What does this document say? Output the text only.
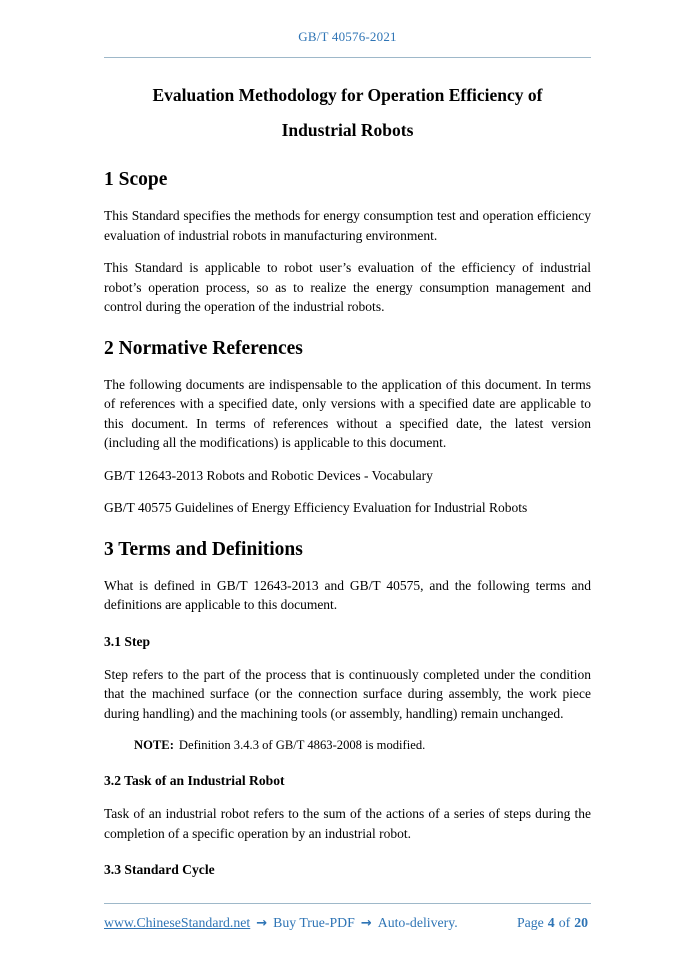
GB/T 40576-2021
Evaluation Methodology for Operation Efficiency of
Industrial Robots
1 Scope

This Standard specifies the methods for energy consumption test and operation efficiency evaluation of industrial robots in manufacturing environment.

This Standard is applicable to robot user’s evaluation of the efficiency of industrial robot’s operation process, so as to realize the energy consumption management and control during the operation of the industrial robots.

2 Normative References

The following documents are indispensable to the application of this document. In terms of references with a specified date, only versions with a specified date are applicable to this document. In terms of references without a specified date, the latest version (including all the modifications) is applicable to this document.

GB/T 12643-2013 Robots and Robotic Devices - Vocabulary

GB/T 40575 Guidelines of Energy Efficiency Evaluation for Industrial Robots

3 Terms and Definitions

What is defined in GB/T 12643-2013 and GB/T 40575, and the following terms and definitions are applicable to this document.

3.1 Step

Step refers to the part of the process that is continuously completed under the condition that the machined surface (or the connection surface during assembly, the work piece during handling) and the machining tools (or assembly, handling) remain unchanged.

NOTE: Definition 3.4.3 of GB/T 4863-2008 is modified.

3.2 Task of an Industrial Robot

Task of an industrial robot refers to the sum of the actions of a series of steps during the completion of a specific operation by an industrial robot.

3.3 Standard Cycle
www.ChineseStandard.net → Buy True-PDF → Auto-delivery.	Page 4 of 20
